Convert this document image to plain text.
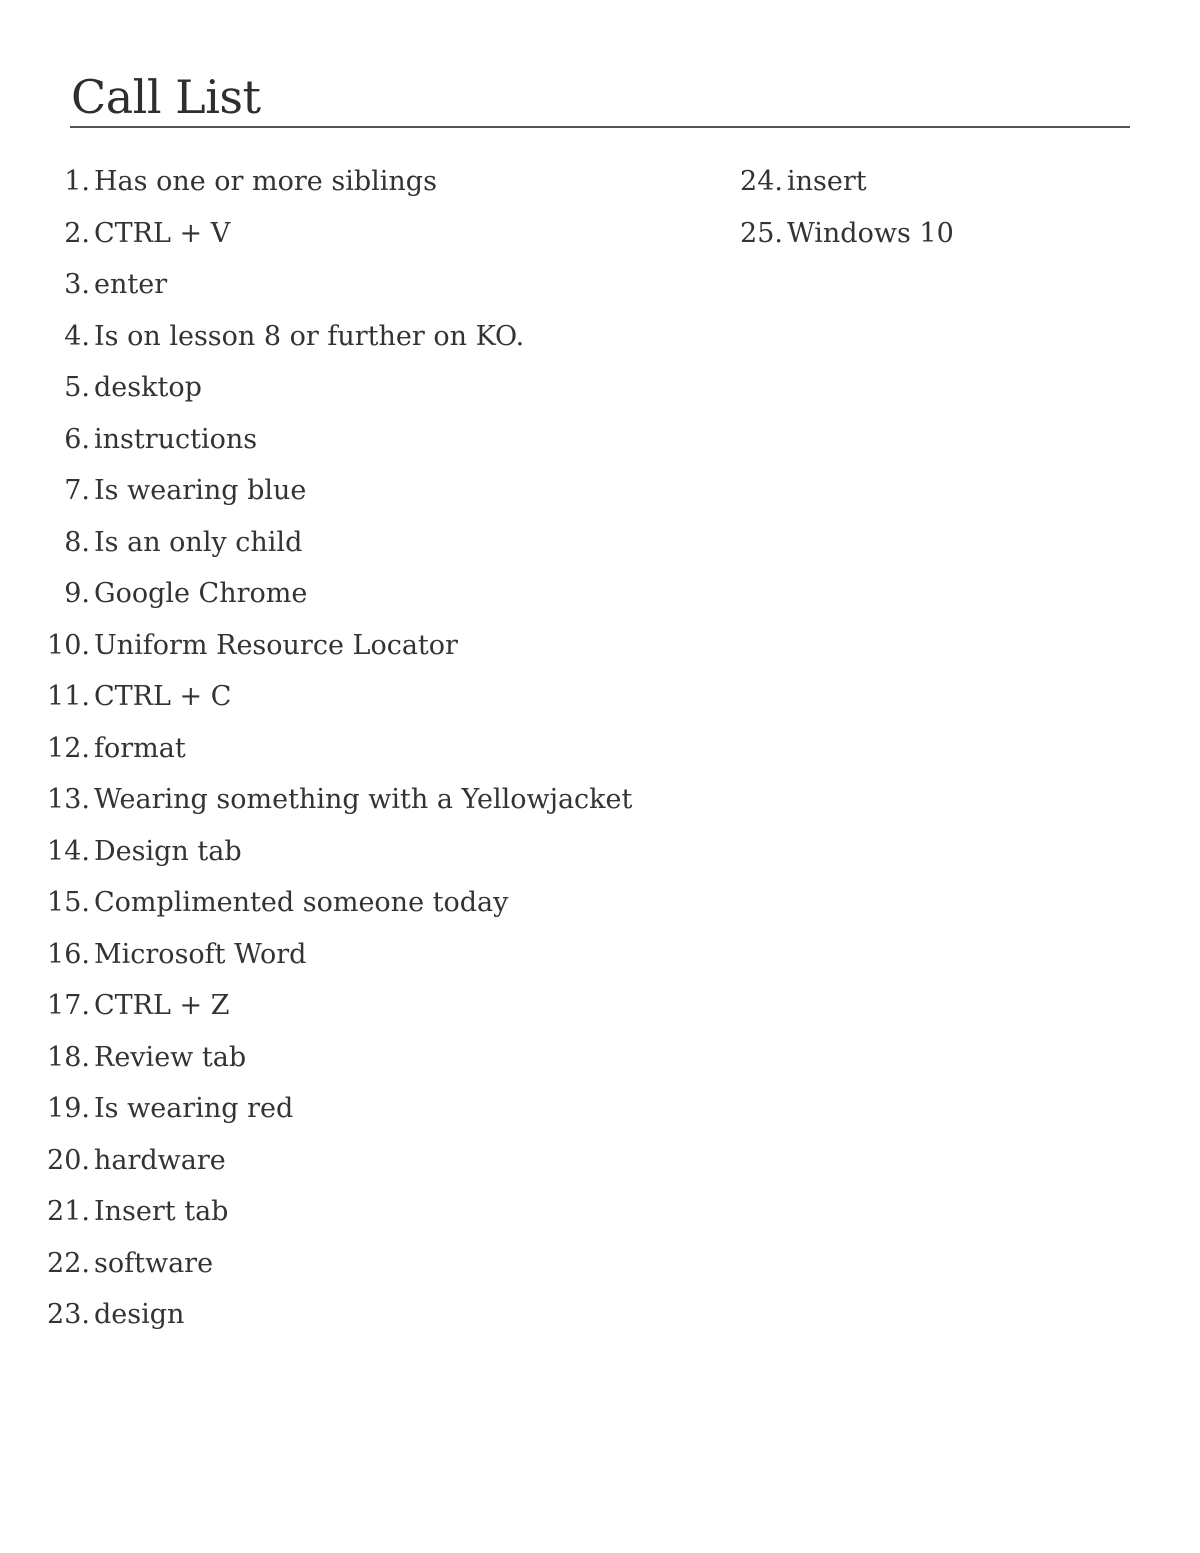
Call List
1. Has one or more siblings
2. CTRL + V
3. enter
4. Is on lesson 8 or further on KO.
5. desktop
6. instructions
7. Is wearing blue
8. Is an only child
9. Google Chrome
10. Uniform Resource Locator
11. CTRL + C
12. format
13. Wearing something with a Yellowjacket
14. Design tab
15. Complimented someone today
16. Microsoft Word
17. CTRL + Z
18. Review tab
19. Is wearing red
20. hardware
21. Insert tab
22. software
23. design
24. insert
25. Windows 10
